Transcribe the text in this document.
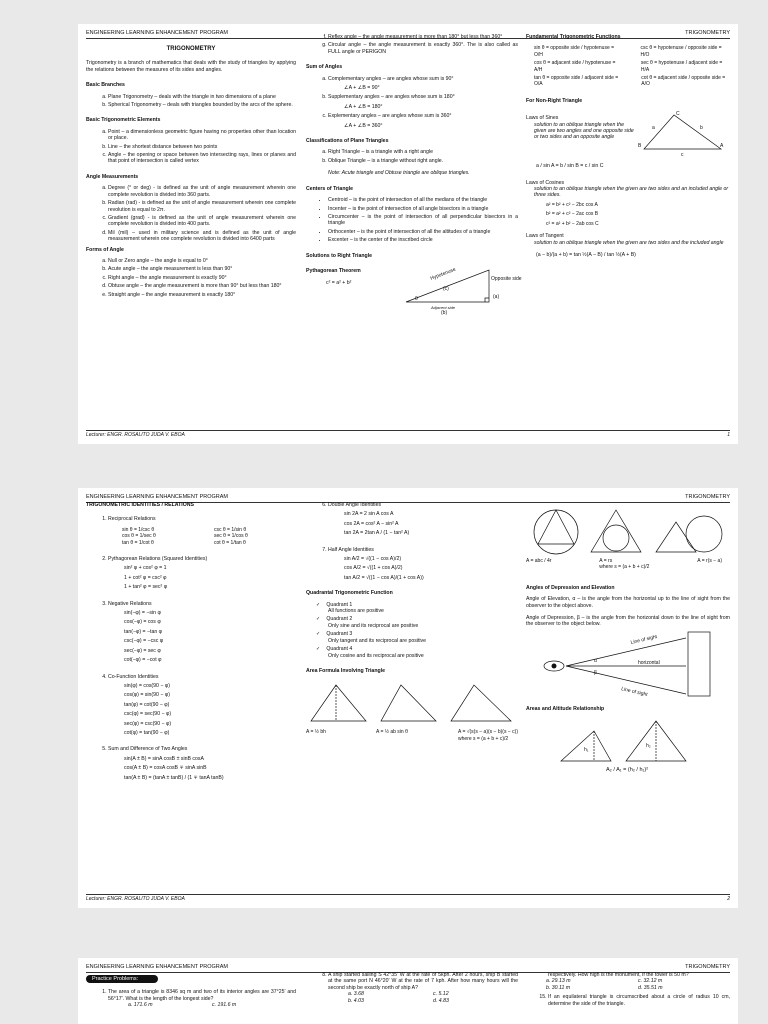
ENGINEERING LEARNING ENHANCEMENT PROGRAM	TRIGONOMETRY
TRIGONOMETRY

Trigonometry is a branch of mathematics that deals with the study of triangles by applying the relations between the measures of its sides and angles.

Basic Branches
a. Plane Trigonometry – deals with the triangle in two dimensions of a plane
b. Spherical Trigonometry – deals with triangles bounded by the arcs of the sphere.
Basic Trigonometric Elements
a. Point – a dimensionless geometric figure having no properties other than location or place.
b. Line – the shortest distance between two points
c. Angle – the opening or space between two intersecting rays, lines or planes and that point of intersection is called vertex
Angle Measurements
a. Degree (° or deg) - is defined as the unit of angle measurement wherein one complete revolution is divided into 360 parts.
b. Radian (rad) - is defined as the unit of angle measurement wherein one complete revolution is equal to 2π.
c. Gradient (grad) - is defined as the unit of angle measurement wherein one complete revolution is divided into 400 parts.
d. Mil (mil) – used in military science and is defined as the unit of angle measurement wherein one complete revolution is divided into 6400 parts
Forms of Angle
a. Null or Zero angle – the angle is equal to 0°
b. Acute angle – the angle measurement is less than 90°
c. Right angle – the angle measurement is exactly 90°
d. Obtuse angle – the angle measurement is more than 90° but less than 180°
e. Straight angle – the angle measurement is exactly 180°
f. Reflex angle – the angle measurement is more than 180° but less than 360°
g. Circular angle – the angle measurement is exactly 360°. The is also called as FULL angle or PERIGON
Sum of Angles
a. Complementary angles – are angles whose sum is 90°
∠A + ∠B = 90°
b. Supplementary angles – are angles whose sum is 180°
∠A + ∠B = 180°
c. Explementary angles – are angles whose sum is 360°
∠A + ∠B = 360°
Classifications of Plane Triangles
a. Right Triangle – is a triangle with a right angle
b. Oblique Triangle – is a triangle without right angle.

Note: Acute triangle and Obtuse triangle are oblique triangles.

Centers of Triangle
• Centroid – is the point of intersection of all the medians of the triangle
• Incenter – is the point of intersection of all angle bisectors in a triangle
• Circumcenter – is the point of intersection of all perpendicular bisectors in a triangle
• Orthocenter – is the point of intersection of all the altitudes of a triangle
• Excenter – is the center of the inscribed circle
Solutions to Right Triangle
Pythagorean Theorem
c² = a² + b²
Hypotenuse
(c)
Opposite side
(a)
Adjacent side
(b)
θ
Fundamental Trigonometric Functions
sin θ = opposite side / hypotenuse = O/H
csc θ = hypotenuse / opposite side = H/O
cos θ = adjacent side / hypotenuse = A/H
sec θ = hypotenuse / adjacent side = H/A
tan θ = opposite side / adjacent side = O/A
cot θ = adjacent side / opposite side = A/O
For Non-Right Triangle
Laws of Sines
solution to an oblique triangle when the given are two angles and one opposite side or two sides and an opposite angle
B	A
C
a	b
c
a / sin A = b / sin B = c / sin C
Laws of Cosines
solution to an oblique triangle when the given are two sides and an included angle or three sides.
a² = b² + c² − 2bc cos A
b² = a² + c² − 2ac cos B
c² = a² + b² − 2ab cos C
Laws of Tangent
solution to an oblique triangle when the given are two sides and the included angle
(a − b)/(a + b) = tan ½(A − B) / tan ½(A + B)
Lecturer: ENGR. ROSALITO JUDA V. EBOA	1
ENGINEERING LEARNING ENHANCEMENT PROGRAM	TRIGONOMETRY
TRIGONOMETRIC IDENTITIES / RELATIONS
1. Reciprocal Relations
sin θ = 1/csc θ	csc θ = 1/sin θ
cos θ = 1/sec θ	sec θ = 1/cos θ
tan θ = 1/cot θ	cot θ = 1/tan θ
2. Pythagorean Relations (Squared Identities)
sin² φ + cos² φ = 1
1 + cot² φ = csc² φ
1 + tan² φ = sec² φ
3. Negative Relations
sin(−φ) = −sin φ
cos(−φ) = cos φ
tan(−φ) = −tan φ
csc(−φ) = −csc φ
sec(−φ) = sec φ
cot(−φ) = −cot φ
4. Co-Function Identities
sin(φ) = cos(90 − φ)
cos(φ) = sin(90 − φ)
tan(φ) = cot(90 − φ)
csc(φ) = sec(90 − φ)
sec(φ) = csc(90 − φ)
cot(φ) = tan(90 − φ)
5. Sum and Difference of Two Angles
sin(A ± B) = sinA cosB ± sinB cosA
cos(A ± B) = cosA cosB ∓ sinA sinB
tan(A ± B) = (tanA ± tanB) / (1 ∓ tanA tanB)
6. Double Angle Identities
sin 2A = 2 sin A cos A
cos 2A = cos² A − sin² A
tan 2A = 2tan A / (1 − tan² A)
7. Half Angle Identities
sin A/2 = √((1 − cos A)/2)
cos A/2 = √((1 + cos A)/2)
tan A/2 = √((1 − cos A)/(1 + cos A))
Quadrantal Trigonometric Function
✓ Quadrant 1
All functions are positive
✓ Quadrant 2
Only sine and its reciprocal are positive
✓ Quadrant 3
Only tangent and its reciprocal are positive
✓ Quadrant 4
Only cosine and its reciprocal are positive
Area Formula Involving Triangle
A = ½ bh	A = ½ ab sin θ	A = √(s(s − a)(s − b)(s − c))
where s = (a + b + c)/2
A = abc / 4r	A = rs
where s = (a + b + c)/2
A = r(s − a)
Angles of Depression and Elevation

Angle of Elevation, α – is the angle from the horizontal up to the line of sight from the observer to the object above.

Angle of Depression, β – is the angle from the horizontal down to the line of sight from the observer to the object below.

Line of sight
horizontal
Line of sight
α
β
Areas and Altitude Relationship
h₁
h₂
A₂ / A₁ = (h₂ / h₁)²
Lecturer: ENGR. ROSALITO JUDA V. EBOA	2
ENGINEERING LEARNING ENHANCEMENT PROGRAM	TRIGONOMETRY
Practice Problems:
1. The area of a triangle is 8346 sq m and two of its interior angles are 37°25' and 56°17'. What is the length of the longest side?
a. 171.6 m	c. 191.6 m
8. A ship started sailing S 42°35' W at the rate of 5kph. After 2 hours, ship B started at the same port N 46°20' W at the rate of 7 kph. After how many hours will the second ship be exactly north of ship A?
a. 3.68	c. 5.12
b. 4.03	d. 4.83

respectively. How high is the monument, if the tower is 50 m?

a. 29.13 m	c. 32.12 m
b. 30.11 m	d. 35.51 m
15. If an equilateral triangle is circumscribed about a circle of radius 10 cm, determine the side of the triangle.
